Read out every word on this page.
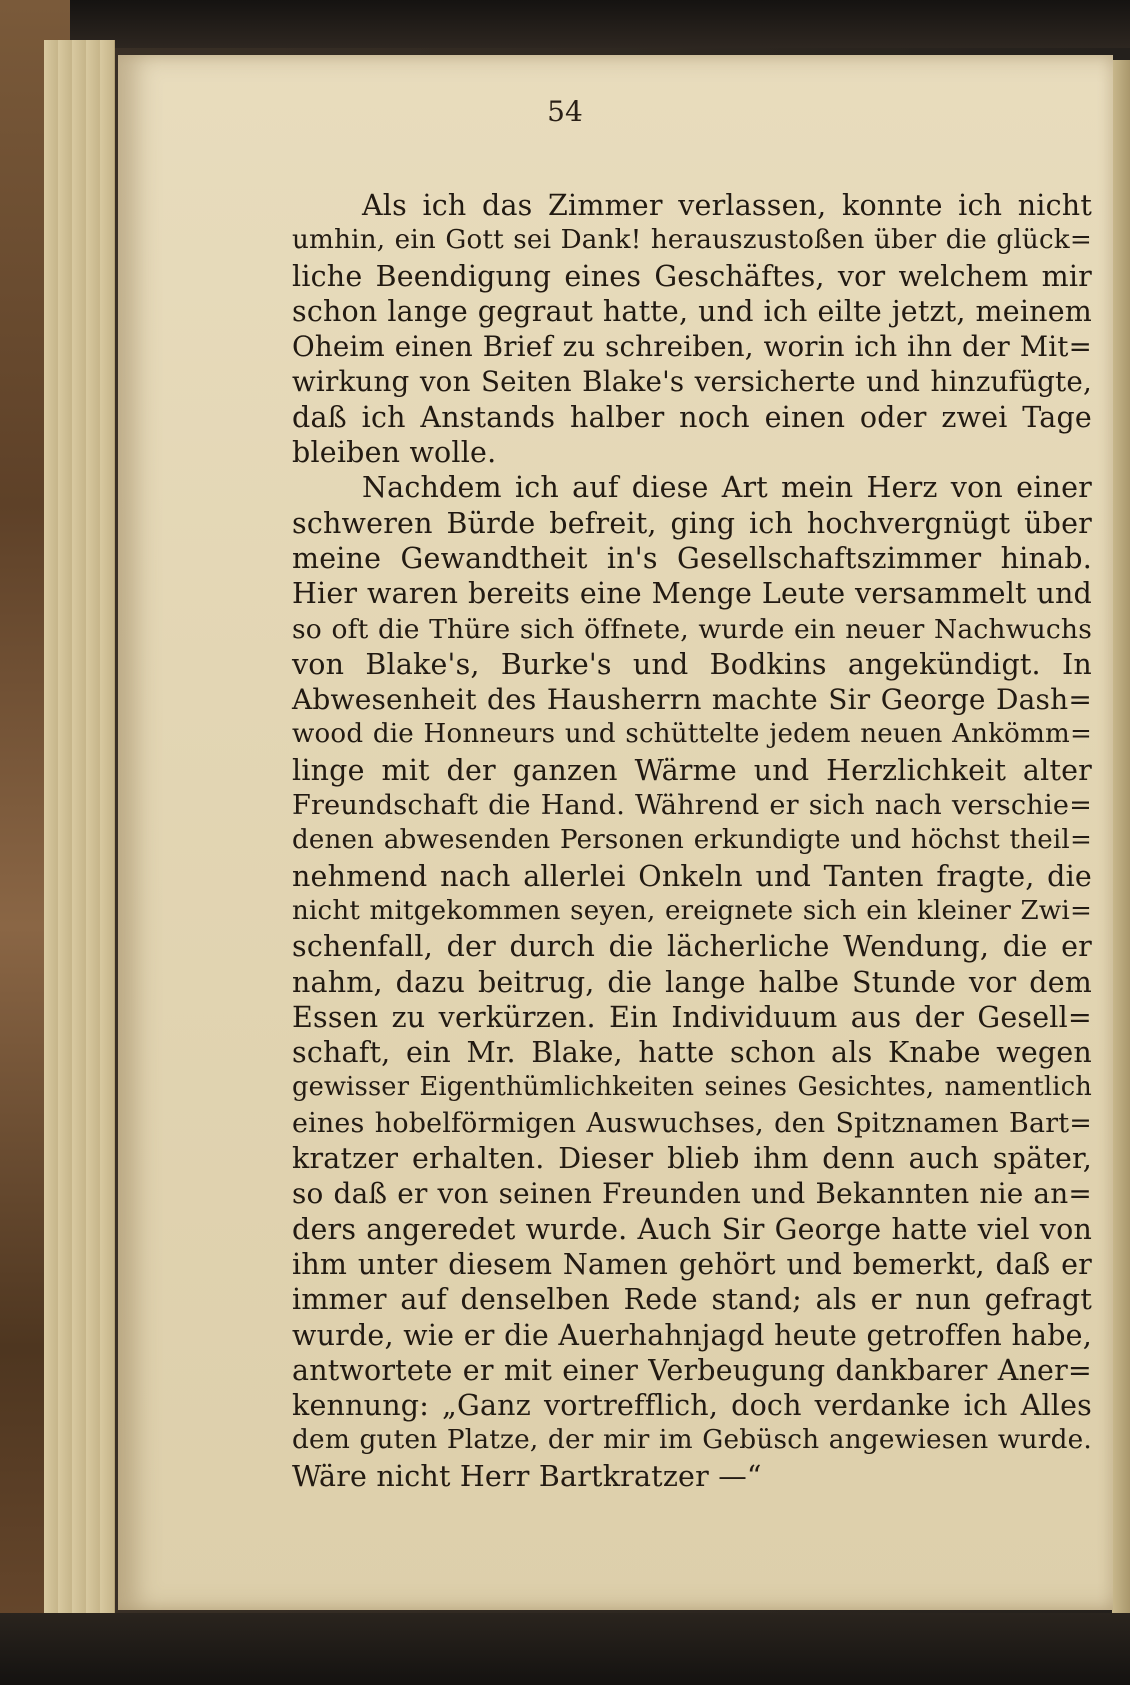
54
Als ich das Zimmer verlassen, konnte ich nicht
umhin, ein Gott sei Dank! herauszustoßen über die glück=
liche Beendigung eines Geschäftes, vor welchem mir
schon lange gegraut hatte, und ich eilte jetzt, meinem
Oheim einen Brief zu schreiben, worin ich ihn der Mit=
wirkung von Seiten Blake's versicherte und hinzufügte,
daß ich Anstands halber noch einen oder zwei Tage
bleiben wolle.
Nachdem ich auf diese Art mein Herz von einer
schweren Bürde befreit, ging ich hochvergnügt über
meine Gewandtheit in's Gesellschaftszimmer hinab.
Hier waren bereits eine Menge Leute versammelt und
so oft die Thüre sich öffnete, wurde ein neuer Nachwuchs
von Blake's, Burke's und Bodkins angekündigt. In
Abwesenheit des Hausherrn machte Sir George Dash=
wood die Honneurs und schüttelte jedem neuen Ankömm=
linge mit der ganzen Wärme und Herzlichkeit alter
Freundschaft die Hand. Während er sich nach verschie=
denen abwesenden Personen erkundigte und höchst theil=
nehmend nach allerlei Onkeln und Tanten fragte, die
nicht mitgekommen seyen, ereignete sich ein kleiner Zwi=
schenfall, der durch die lächerliche Wendung, die er
nahm, dazu beitrug, die lange halbe Stunde vor dem
Essen zu verkürzen. Ein Individuum aus der Gesell=
schaft, ein Mr. Blake, hatte schon als Knabe wegen
gewisser Eigenthümlichkeiten seines Gesichtes, namentlich
eines hobelförmigen Auswuchses, den Spitznamen Bart=
kratzer erhalten. Dieser blieb ihm denn auch später,
so daß er von seinen Freunden und Bekannten nie an=
ders angeredet wurde. Auch Sir George hatte viel von
ihm unter diesem Namen gehört und bemerkt, daß er
immer auf denselben Rede stand; als er nun gefragt
wurde, wie er die Auerhahnjagd heute getroffen habe,
antwortete er mit einer Verbeugung dankbarer Aner=
kennung: „Ganz vortrefflich, doch verdanke ich Alles
dem guten Platze, der mir im Gebüsch angewiesen wurde.
Wäre nicht Herr Bartkratzer —“
